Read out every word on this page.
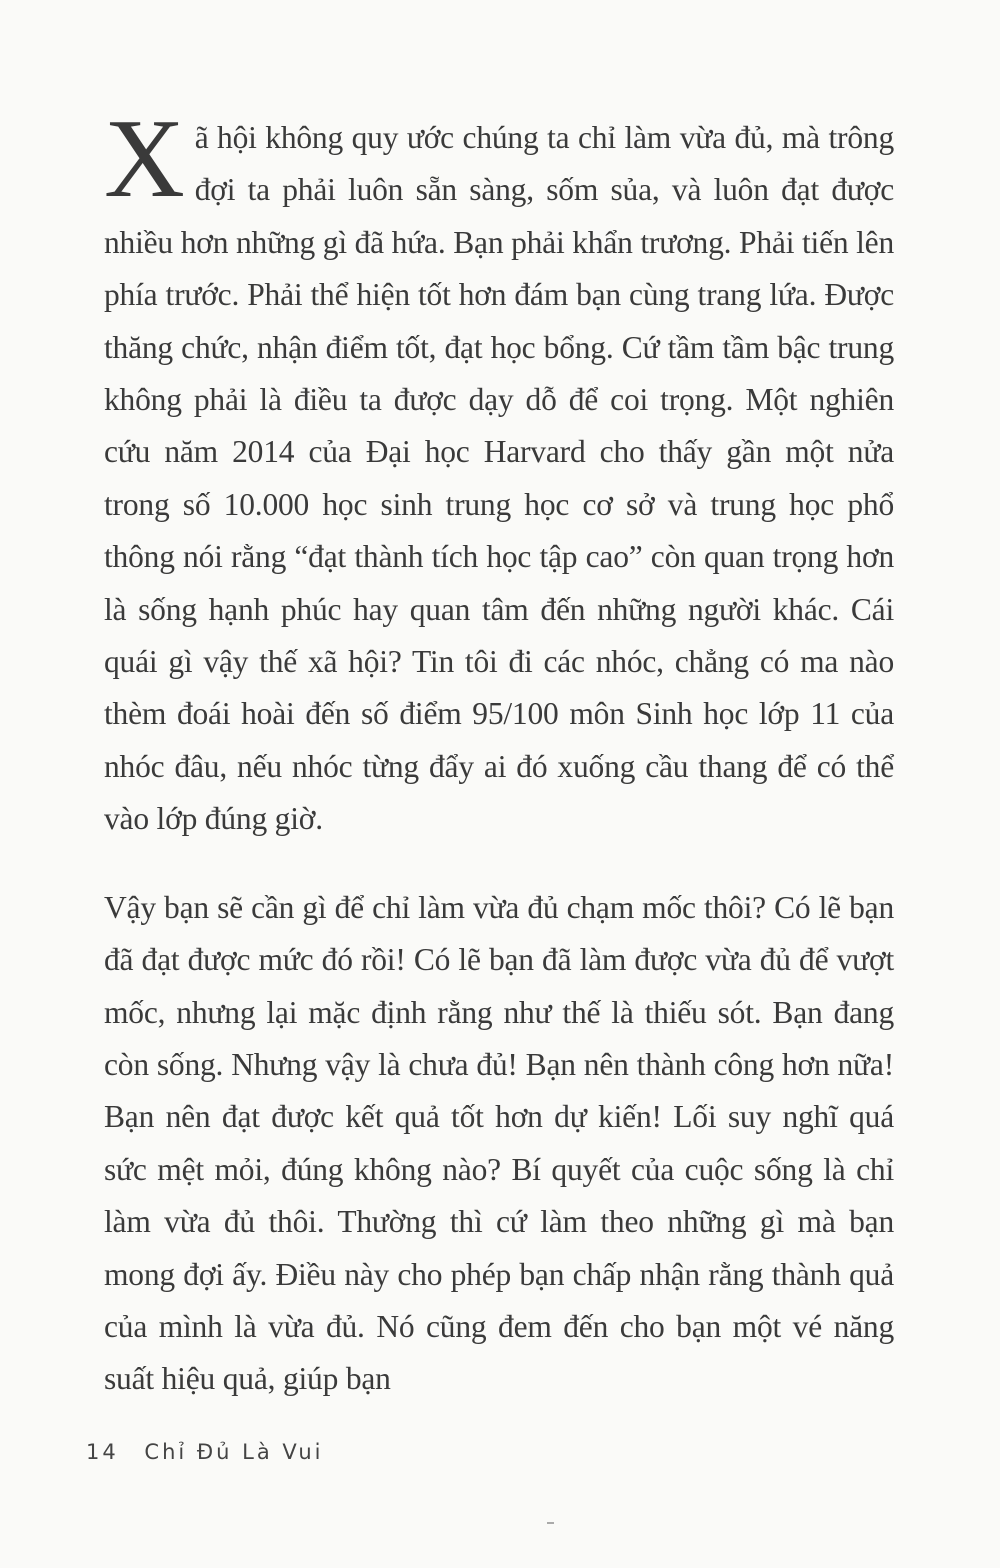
Xã hội không quy ước chúng ta chỉ làm vừa đủ, mà trông đợi ta phải luôn sẵn sàng, sốm sủa, và luôn đạt được nhiều hơn những gì đã hứa. Bạn phải khẩn trương. Phải tiến lên phía trước. Phải thể hiện tốt hơn đám bạn cùng trang lứa. Được thăng chức, nhận điểm tốt, đạt học bổng. Cứ tầm tầm bậc trung không phải là điều ta được dạy dỗ để coi trọng. Một nghiên cứu năm 2014 của Đại học Harvard cho thấy gần một nửa trong số 10.000 học sinh trung học cơ sở và trung học phổ thông nói rằng “đạt thành tích học tập cao” còn quan trọng hơn là sống hạnh phúc hay quan tâm đến những người khác. Cái quái gì vậy thế xã hội? Tin tôi đi các nhóc, chẳng có ma nào thèm đoái hoài đến số điểm 95/100 môn Sinh học lớp 11 của nhóc đâu, nếu nhóc từng đẩy ai đó xuống cầu thang để có thể vào lớp đúng giờ.

Vậy bạn sẽ cần gì để chỉ làm vừa đủ chạm mốc thôi? Có lẽ bạn đã đạt được mức đó rồi! Có lẽ bạn đã làm được vừa đủ để vượt mốc, nhưng lại mặc định rằng như thế là thiếu sót. Bạn đang còn sống. Nhưng vậy là chưa đủ! Bạn nên thành công hơn nữa! Bạn nên đạt được kết quả tốt hơn dự kiến! Lối suy nghĩ quá sức mệt mỏi, đúng không nào? Bí quyết của cuộc sống là chỉ làm vừa đủ thôi. Thường thì cứ làm theo những gì mà bạn mong đợi ấy. Điều này cho phép bạn chấp nhận rằng thành quả của mình là vừa đủ. Nó cũng đem đến cho bạn một vé năng suất hiệu quả, giúp bạn

14 Chỉ Đủ Là Vui
